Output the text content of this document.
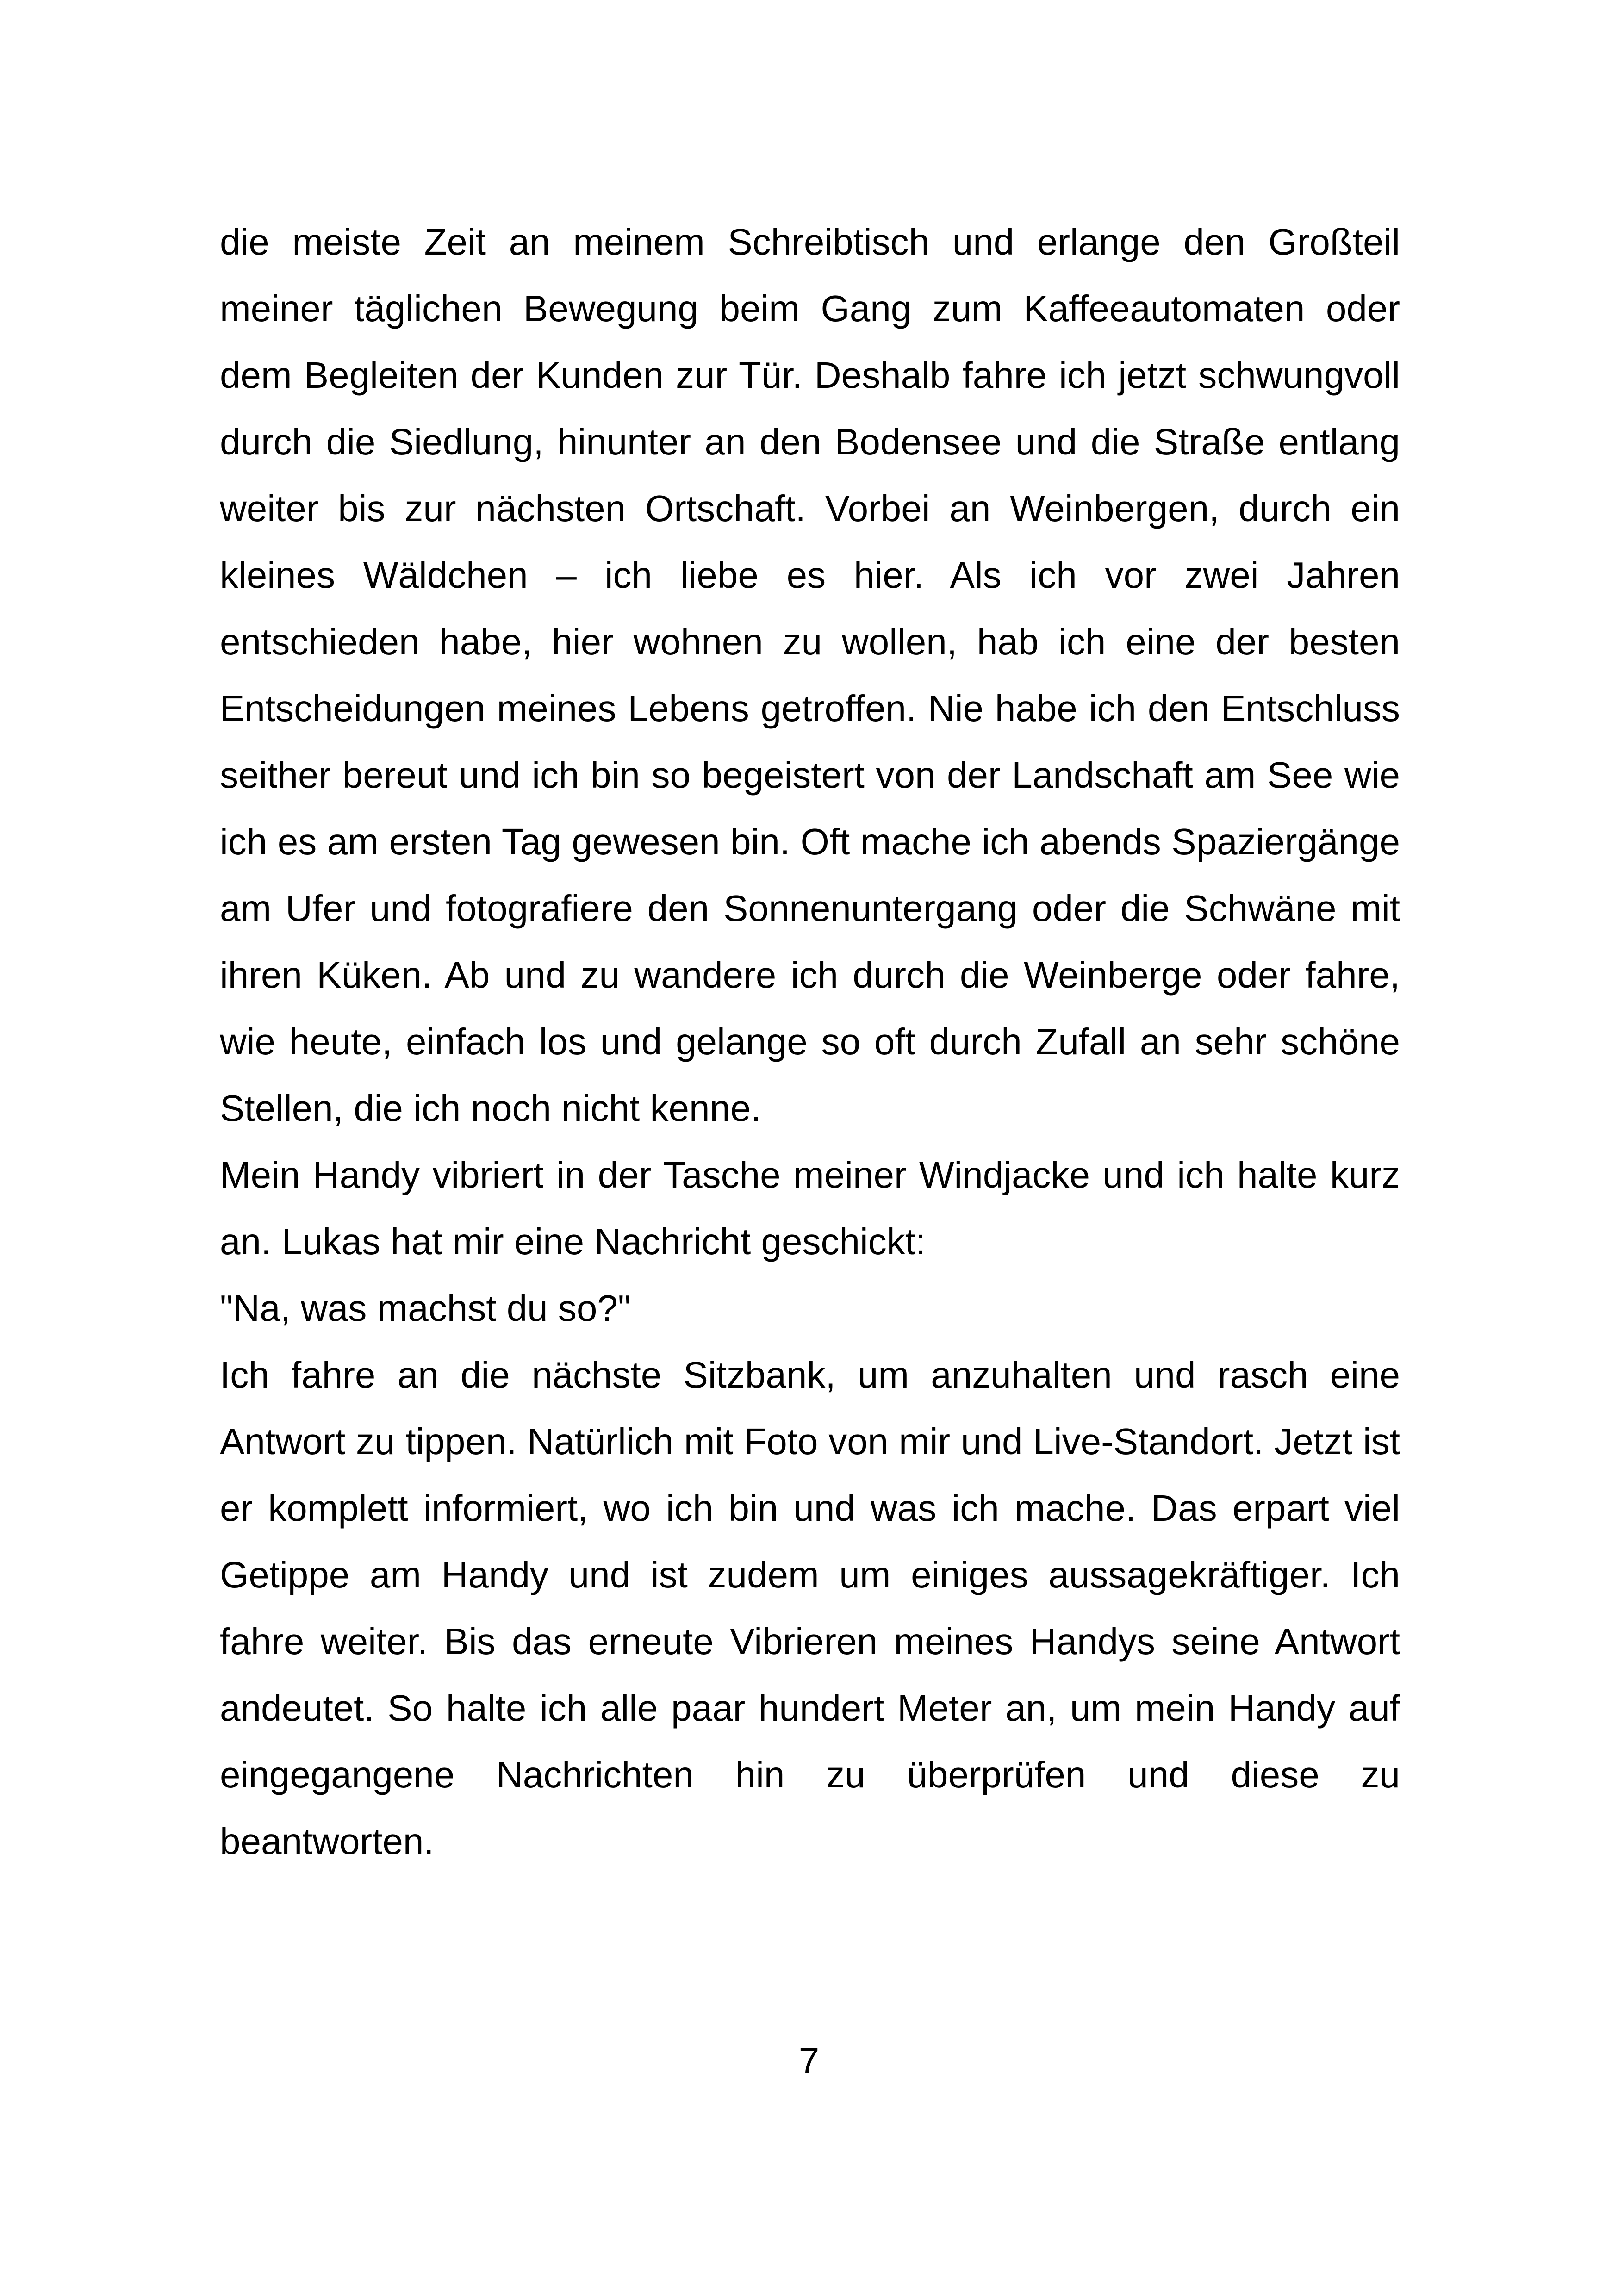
die meiste Zeit an meinem Schreibtisch und erlange den Großteil meiner täglichen Bewegung beim Gang zum Kaffeeautomaten oder dem Begleiten der Kunden zur Tür. Deshalb fahre ich jetzt schwungvoll durch die Siedlung, hinunter an den Bodensee und die Straße entlang weiter bis zur nächsten Ortschaft. Vorbei an Weinbergen, durch ein kleines Wäldchen – ich liebe es hier. Als ich vor zwei Jahren entschieden habe, hier wohnen zu wollen, hab ich eine der besten Entscheidungen meines Lebens getroffen. Nie habe ich den Entschluss seither bereut und ich bin so begeistert von der Landschaft am See wie ich es am ersten Tag gewesen bin. Oft mache ich abends Spaziergänge am Ufer und fotografiere den Sonnenuntergang oder die Schwäne mit ihren Küken. Ab und zu wandere ich durch die Weinberge oder fahre, wie heute, einfach los und gelange so oft durch Zufall an sehr schöne Stellen, die ich noch nicht kenne.

Mein Handy vibriert in der Tasche meiner Windjacke und ich halte kurz an. Lukas hat mir eine Nachricht geschickt:

"Na, was machst du so?"

Ich fahre an die nächste Sitzbank, um anzuhalten und rasch eine Antwort zu tippen. Natürlich mit Foto von mir und Live-Standort. Jetzt ist er komplett informiert, wo ich bin und was ich mache. Das erpart viel Getippe am Handy und ist zudem um einiges aussagekräftiger. Ich fahre weiter. Bis das erneute Vibrieren meines Handys seine Antwort andeutet. So halte ich alle paar hundert Meter an, um mein Handy auf eingegangene Nachrichten hin zu überprüfen und diese zu beantworten.

7
